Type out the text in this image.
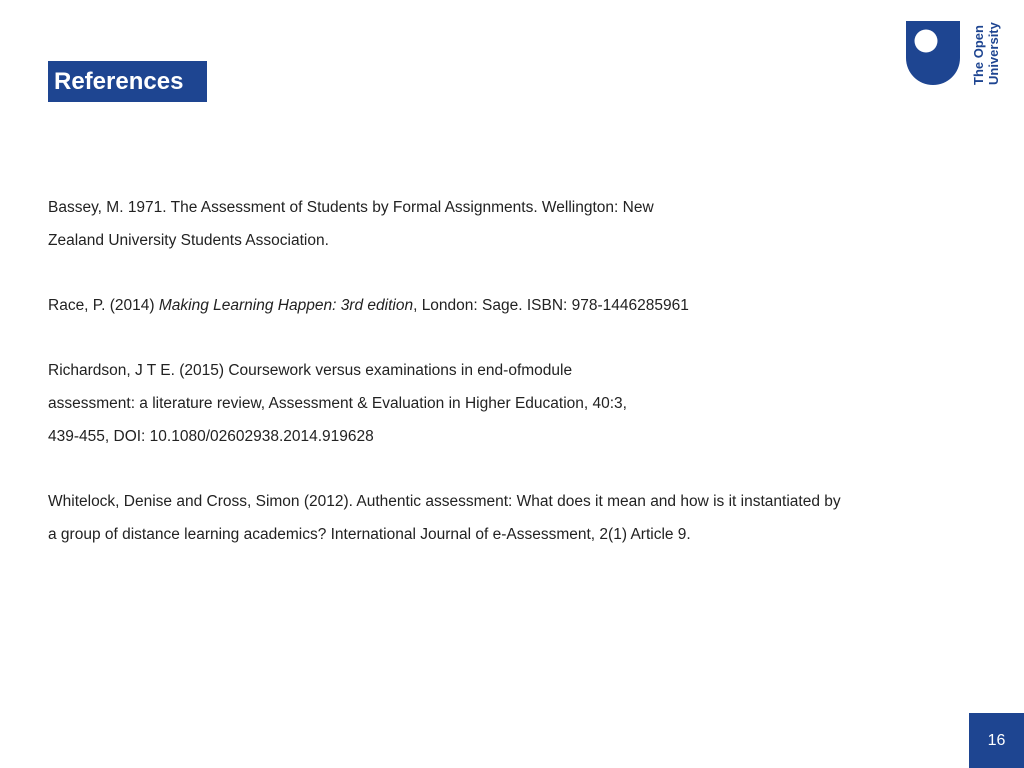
References	The Open University
Bassey, M. 1971. The Assessment of Students by Formal Assignments. Wellington: New
Zealand University Students Association.
Race, P. (2014) Making Learning Happen: 3rd edition, London: Sage. ISBN: 978-1446285961
Richardson, J T E. (2015) Coursework versus examinations in end-ofmodule
assessment: a literature review, Assessment & Evaluation in Higher Education, 40:3,
439-455, DOI: 10.1080/02602938.2014.919628
Whitelock, Denise and Cross, Simon (2012). Authentic assessment: What does it mean and how is it instantiated by
a group of distance learning academics? International Journal of e-Assessment, 2(1) Article 9.
16
